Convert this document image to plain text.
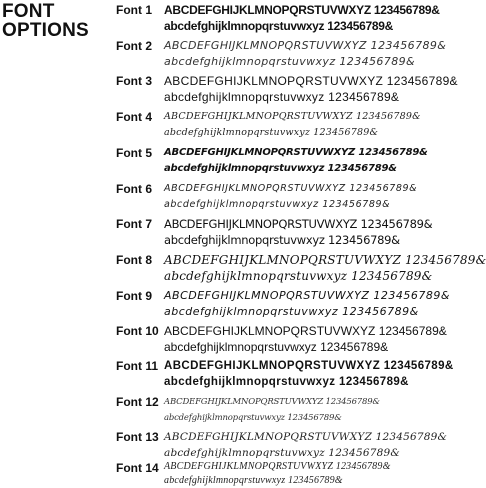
FONT
OPTIONS
Font 1 ABCDEFGHIJKLMNOPQRSTUVWXYZ 123456789&
abcdefghijklmnopqrstuvwxyz 123456789&
Font 2 ABCDEFGHIJKLMNOPQRSTUVWXYZ 123456789&
abcdefghijklmnopqrstuvwxyz 123456789&
Font 3 ABCDEFGHIJKLMNOPQRSTUVWXYZ 123456789&
abcdefghijklmnopqrstuvwxyz 123456789&
Font 4 ABCDEFGHIJKLMNOPQRSTUVWXYZ 123456789&
abcdefghijklmnopqrstuvwxyz 123456789&
Font 5 ABCDEFGHIJKLMNOPQRSTUVWXYZ 123456789&
abcdefghijklmnopqrstuvwxyz 123456789&
Font 6 ABCDEFGHIJKLMNOPQRSTUVWXYZ 123456789&
abcdefghijklmnopqrstuvwxyz 123456789&
Font 7 ABCDEFGHIJKLMNOPQRSTUVWXYZ 123456789&
abcdefghijklmnopqrstuvwxyz 123456789&
Font 8 ABCDEFGHIJKLMNOPQRSTUVWXYZ 123456789&
abcdefghijklmnopqrstuvwxyz 123456789&
Font 9 ABCDEFGHIJKLMNOPQRSTUVWXYZ 123456789&
abcdefghijklmnopqrstuvwxyz 123456789&
Font 10 ABCDEFGHIJKLMNOPQRSTUVWXYZ 123456789&
abcdefghijklmnopqrstuvwxyz 123456789&
Font 11 ABCDEFGHIJKLMNOPQRSTUVWXYZ 123456789&
abcdefghijklmnopqrstuvwxyz 123456789&
Font 12 ABCDEFGHIJKLMNOPQRSTUVWXYZ 123456789&
abcdefghijklmnopqrstuvwxyz 123456789&
Font 13 ABCDEFGHIJKLMNOPQRSTUVWXYZ 123456789&
abcdefghijklmnopqrstuvwxyz 123456789&
Font 14 ABCDEFGHIJKLMNOPQRSTUVWXYZ 123456789&
abcdefghijklmnopqrstuvwxyz 123456789&
